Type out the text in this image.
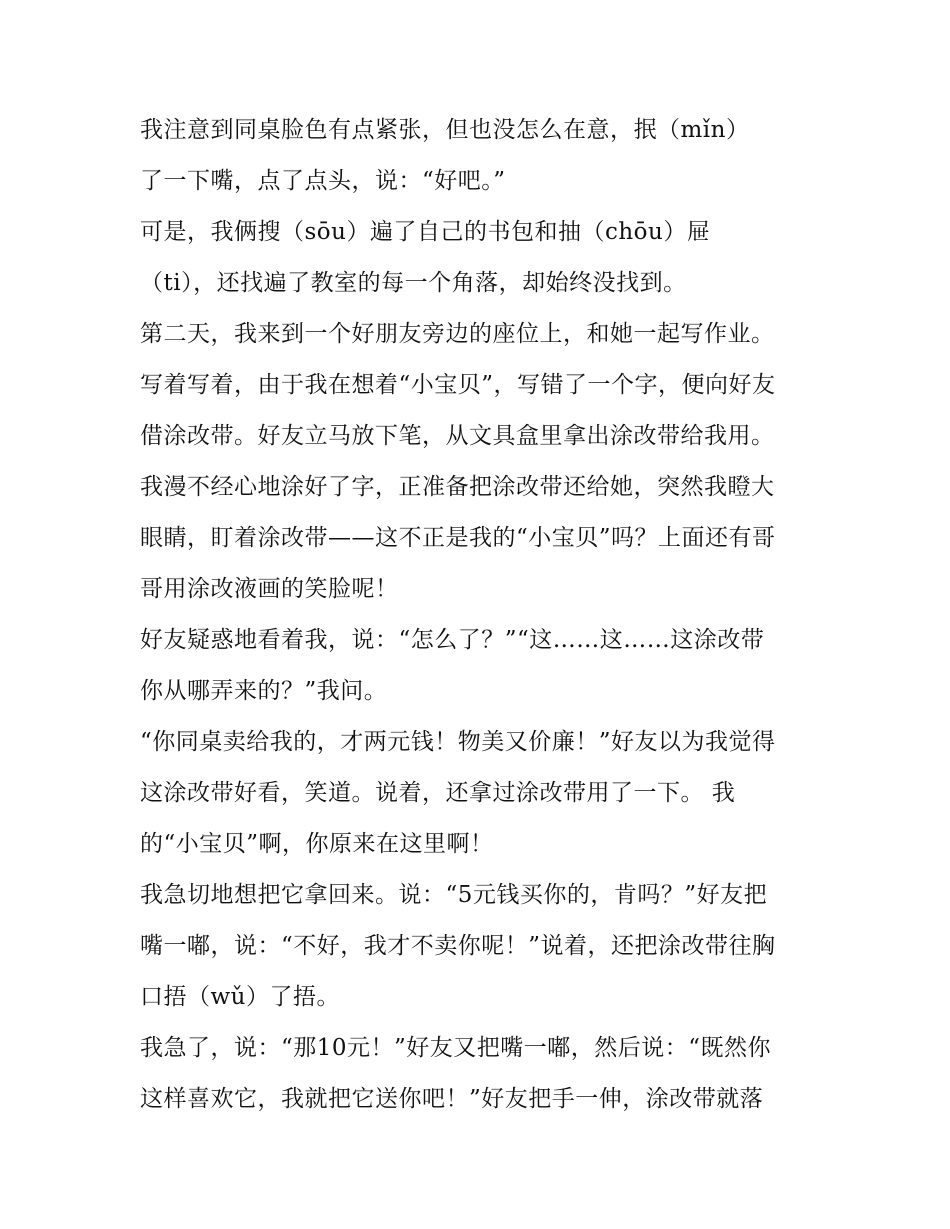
我注意到同桌脸色有点紧张，但也没怎么在意，抿（mǐn）
了一下嘴，点了点头，说：“好吧。”
可是，我俩搜（sōu）遍了自己的书包和抽（chōu）屉
（ti），还找遍了教室的每一个角落，却始终没找到。
第二天，我来到一个好朋友旁边的座位上，和她一起写作业。
写着写着，由于我在想着“小宝贝”，写错了一个字，便向好友
借涂改带。好友立马放下笔，从文具盒里拿出涂改带给我用。
我漫不经心地涂好了字，正准备把涂改带还给她，突然我瞪大
眼睛，盯着涂改带——这不正是我的“小宝贝”吗？上面还有哥
哥用涂改液画的笑脸呢！
好友疑惑地看着我，说：“怎么了？”“这……这……这涂改带
你从哪弄来的？”我问。
“你同桌卖给我的，才两元钱！物美又价廉！”好友以为我觉得
这涂改带好看，笑道。说着，还拿过涂改带用了一下。 我
的“小宝贝”啊，你原来在这里啊！
我急切地想把它拿回来。说：“5元钱买你的，肯吗？”好友把
嘴一嘟，说：“不好，我才不卖你呢！”说着，还把涂改带往胸
口捂（wǔ）了捂。
我急了，说：“那10元！”好友又把嘴一嘟，然后说：“既然你
这样喜欢它，我就把它送你吧！”好友把手一伸，涂改带就落
